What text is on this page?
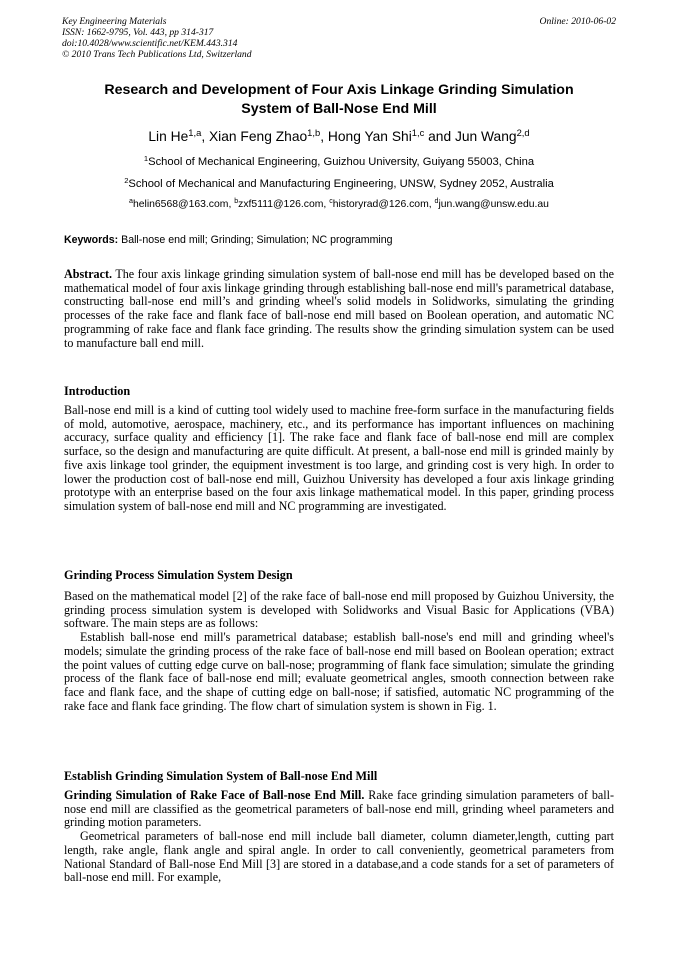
Key Engineering Materials
ISSN: 1662-9795, Vol. 443, pp 314-317
doi:10.4028/www.scientific.net/KEM.443.314
© 2010 Trans Tech Publications Ltd, Switzerland
Online: 2010-06-02
Research and Development of Four Axis Linkage Grinding Simulation
System of Ball-Nose End Mill
Lin He$^{1,a}$, Xian Feng Zhao$^{1,b}$, Hong Yan Shi$^{1,c}$ and Jun Wang$^{2,d}$
$^1$School of Mechanical Engineering, Guizhou University, Guiyang 55003, China
$^2$School of Mechanical and Manufacturing Engineering, UNSW, Sydney 2052, Australia
$^a$helin6568@163.com, $^b$zxf5111@126.com, $^c$historyrad@126.com, $^d$jun.wang@unsw.edu.au
Keywords: Ball-nose end mill; Grinding; Simulation; NC programming

Abstract. The four axis linkage grinding simulation system of ball-nose end mill has be developed based on the mathematical model of four axis linkage grinding through establishing ball-nose end mill's parametrical database, constructing ball-nose end mill’s and grinding wheel's solid models in Solidworks, simulating the grinding processes of the rake face and flank face of ball-nose end mill based on Boolean operation, and automatic NC programming of rake face and flank face grinding. The results show the grinding simulation system can be used to manufacture ball end mill.

Introduction

Ball-nose end mill is a kind of cutting tool widely used to machine free-form surface in the manufacturing fields of mold, automotive, aerospace, machinery, etc., and its performance has important influences on machining accuracy, surface quality and efficiency [1]. The rake face and flank face of ball-nose end mill are complex surface, so the design and manufacturing are quite difficult. At present, a ball-nose end mill is grinded mainly by five axis linkage tool grinder, the equipment investment is too large, and grinding cost is very high. In order to lower the production cost of ball-nose end mill, Guizhou University has developed a four axis linkage grinding prototype with an enterprise based on the four axis linkage mathematical model. In this paper, grinding process simulation system of ball-nose end mill and NC programming are investigated.

Grinding Process Simulation System Design

Based on the mathematical model [2] of the rake face of ball-nose end mill proposed by Guizhou University, the grinding process simulation system is developed with Solidworks and Visual Basic for Applications (VBA) software. The main steps are as follows:

Establish ball-nose end mill's parametrical database; establish ball-nose's end mill and grinding wheel's models; simulate the grinding process of the rake face of ball-nose end mill based on Boolean operation; extract the point values of cutting edge curve on ball-nose; programming of flank face simulation; simulate the grinding process of the flank face of ball-nose end mill; evaluate geometrical angles, smooth connection between rake face and flank face, and the shape of cutting edge on ball-nose; if satisfied, automatic NC programming of the rake face and flank face grinding. The flow chart of simulation system is shown in Fig. 1.

Establish Grinding Simulation System of Ball-nose End Mill

Grinding Simulation of Rake Face of Ball-nose End Mill. Rake face grinding simulation parameters of ball-nose end mill are classified as the geometrical parameters of ball-nose end mill, grinding wheel parameters and grinding motion parameters.

Geometrical parameters of ball-nose end mill include ball diameter, column diameter,length, cutting part length, rake angle, flank angle and spiral angle. In order to call conveniently, geometrical parameters from National Standard of Ball-nose End Mill [3] are stored in a database,and a code stands for a set of parameters of ball-nose end mill. For example,
